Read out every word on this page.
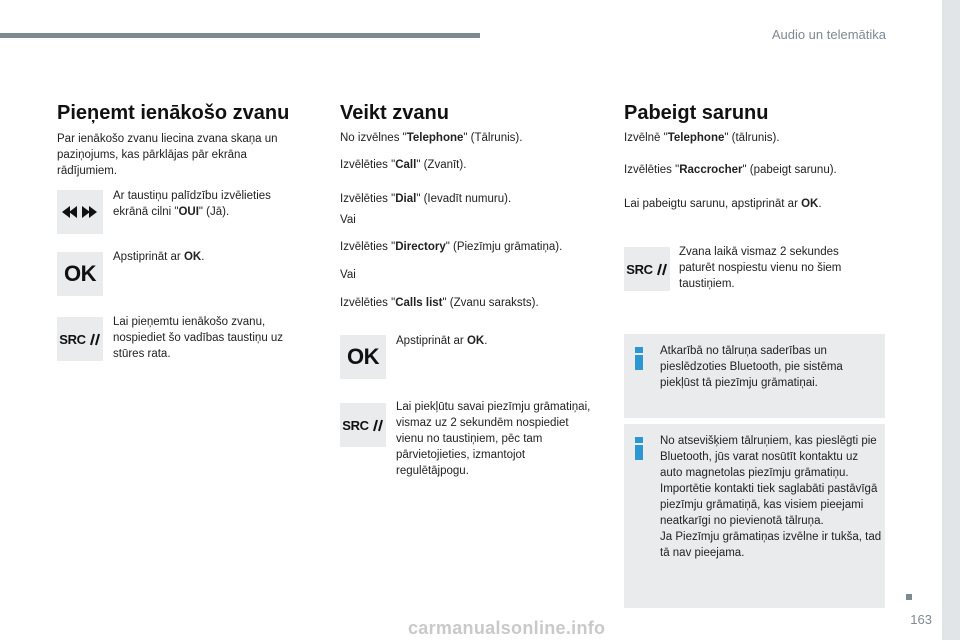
Audio un telemātika
163
Pieņemt ienākošo zvanu
Par ienākošo zvanu liecina zvana skaņa un paziņojums, kas pārklājas pār ekrāna rādījumiem.
Ar taustiņu palīdzību izvēlieties ekrānā cilni "OUI" (Jā).
OK
Apstiprināt ar OK.
SRC
Lai pieņemtu ienākošo zvanu, nospiediet šo vadības taustiņu uz stūres rata.
Veikt zvanu
No izvēlnes "Telephone" (Tālrunis).
Izvēlēties "Call" (Zvanīt).
Izvēlēties "Dial" (Ievadīt numuru).
Vai
Izvēlēties "Directory" (Piezīmju grāmatiņa).
Vai
Izvēlēties "Calls list" (Zvanu saraksts).
OK
Apstiprināt ar OK.
SRC
Lai piekļūtu savai piezīmju grāmatiņai, vismaz uz 2 sekundēm nospiediet vienu no taustiņiem, pēc tam pārvietojieties, izmantojot regulētājpogu.
Pabeigt sarunu
Izvēlnē "Telephone" (tālrunis).
Izvēlēties "Raccrocher" (pabeigt sarunu).
Lai pabeigtu sarunu, apstiprināt ar OK.
SRC
Zvana laikā vismaz 2 sekundes paturēt nospiestu vienu no šiem taustiņiem.
Atkarībā no tālruņa saderības un pieslēdzoties Bluetooth, pie sistēma piekļūst tā piezīmju grāmatiņai.
No atsevišķiem tālruņiem, kas pieslēgti pie Bluetooth, jūs varat nosūtīt kontaktu uz auto magnetolas piezīmju grāmatiņu.
Importētie kontakti tiek saglabāti pastāvīgā piezīmju grāmatiņā, kas visiem pieejami neatkarīgi no pievienotā tālruņa.
Ja Piezīmju grāmatiņas izvēlne ir tukša, tad tā nav pieejama.
carmanualsonline.info
